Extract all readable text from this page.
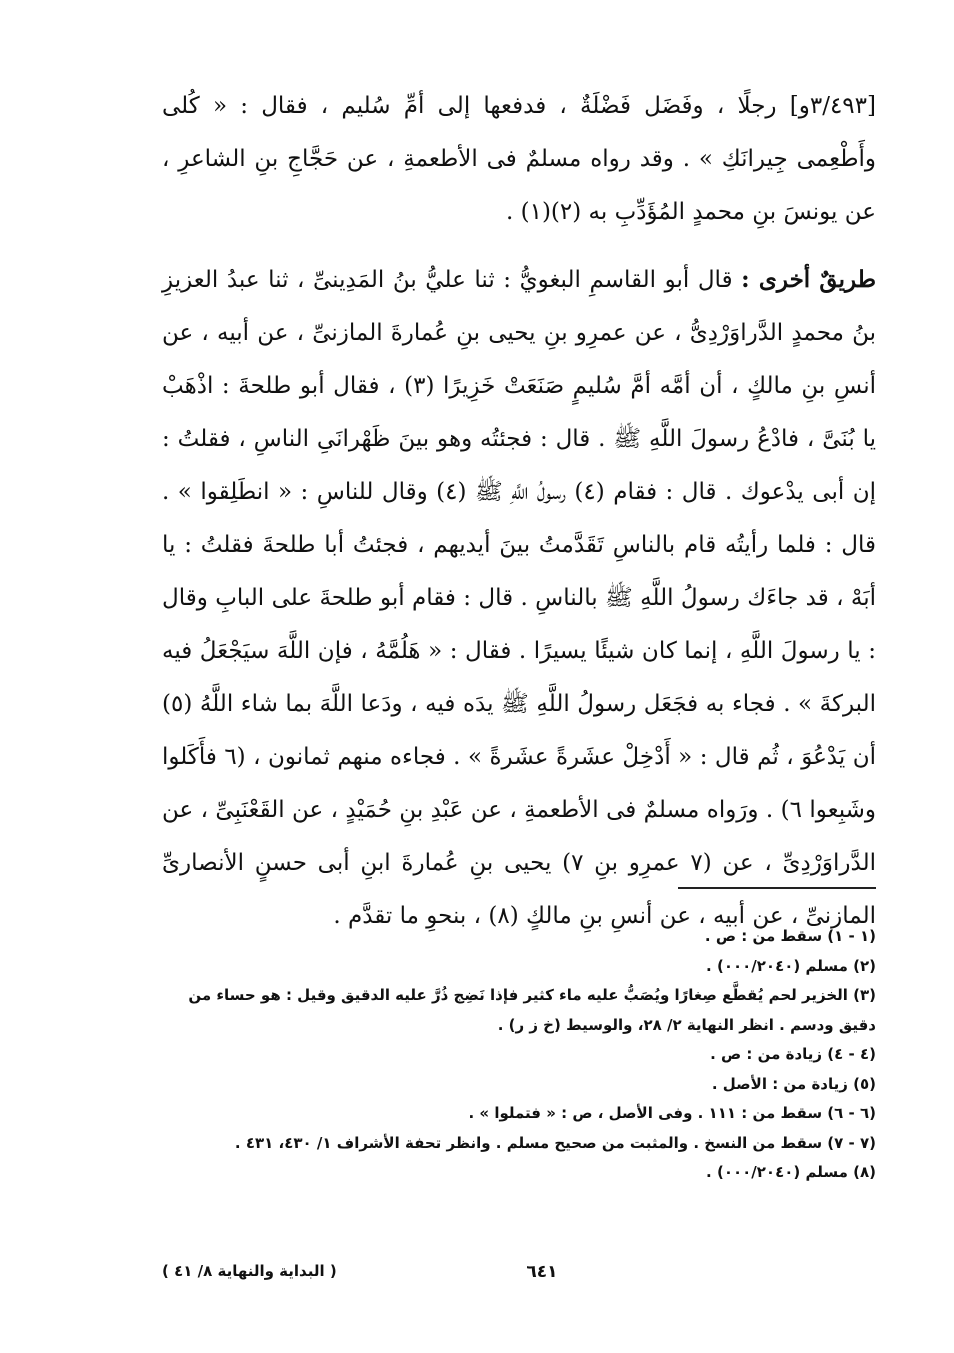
[٣/٤٩٣و] رجلًا ، وفَضَل فَضْلَةٌ ، فدفعها إلى أمِّ سُليم ، فقال : « كُلى وأَطْعِمى جِيرانَكِ » . وقد رواه مسلمٌ فى الأطعمةِ ، عن حَجَّاجِ بنِ الشاعرِ ، عن يونسَ بنِ محمدٍ المُؤَدِّبِ به (٢)(١) .

طريقٌ أخرى : قال أبو القاسمِ البغويُّ : ثنا عليُّ بنُ المَدِينىِّ ، ثنا عبدُ العزيزِ بنُ محمدٍ الدَّراوَرْدِىُّ ، عن عمرِو بنِ يحيى بنِ عُمارةَ المازنىِّ ، عن أبيه ، عن أنسِ بنِ مالكٍ ، أن أمَّه أمَّ سُليمٍ صَنَعَتْ خَزِيرًا (٣) ، فقال أبو طلحةَ : اذْهَبْ يا بُنَىَّ ، فادْعُ رسولَ اللَّهِ ﷺ . قال : فجئتُه وهو بينَ ظَهْرانَىِ الناسِ ، فقلتُ : إن أبى يدْعوك . قال : فقام (٤) رسولُ اللَّهِ ﷺ (٤) وقال للناسِ : « انطَلِقوا » . قال : فلما رأيتُه قام بالناسِ تَقَدَّمتُ بينَ أيديهم ، فجئتُ أبا طلحةَ فقلتُ : يا أبَهْ ، قد جاءَك رسولُ اللَّهِ ﷺ بالناسِ . قال : فقام أبو طلحةَ على البابِ وقال : يا رسولَ اللَّهِ ، إنما كان شيئًا يسيرًا . فقال : « هَلُمَّهُ ، فإن اللَّهَ سيَجْعَلُ فيه البركةَ » . فجاء به فجَعَل رسولُ اللَّهِ ﷺ يدَه فيه ، ودَعا اللَّهَ بما شاء اللَّهُ (٥) أن يَدْعُوَ ، ثُم قال : « أَدْخِلْ عشَرةً عشَرةً » . فجاءه منهم ثمانون ، (٦ فأَكَلوا وشَبِعوا ٦) . ورَواه مسلمٌ فى الأطعمةِ ، عن عَبْدِ بنِ حُمَيْدٍ ، عن القَعْنَبِىِّ ، عن الدَّراوَرْدِىِّ ، عن (٧ عمرِو بنِ ٧) يحيى بنِ عُمارةَ ابنِ أبى حسنٍ الأنصارىِّ المازنىِّ ، عن أبيه ، عن أنسِ بنِ مالكٍ (٨) ، بنحوِ ما تقدَّم .

(١ - ١) سقط من : ص .

(٢) مسلم (٠٠٠/٢٠٤٠) .

(٣) الخزير لحم يُقطَّع صِغارًا ويُصَبُّ عليه ماء كثير فإذا نَضِج ذُرَّ عليه الدقيق وقيل : هو حساء من دقيق ودسم . انظر النهاية ٢/ ٢٨، والوسيط (خ ز ر) .

(٤ - ٤) زيادة من : ص .

(٥) زيادة من : الأصل .

(٦ - ٦) سقط من : ١١١ . وفى الأصل ، ص : « فتملوا » .

(٧ - ٧) سقط من النسخ . والمثبت من صحيح مسلم . وانظر تحفة الأشراف ١/ ٤٣٠، ٤٣١ .

(٨) مسلم (٠٠٠/٢٠٤٠) .

٦٤١
( البداية والنهاية ٨/ ٤١ )
